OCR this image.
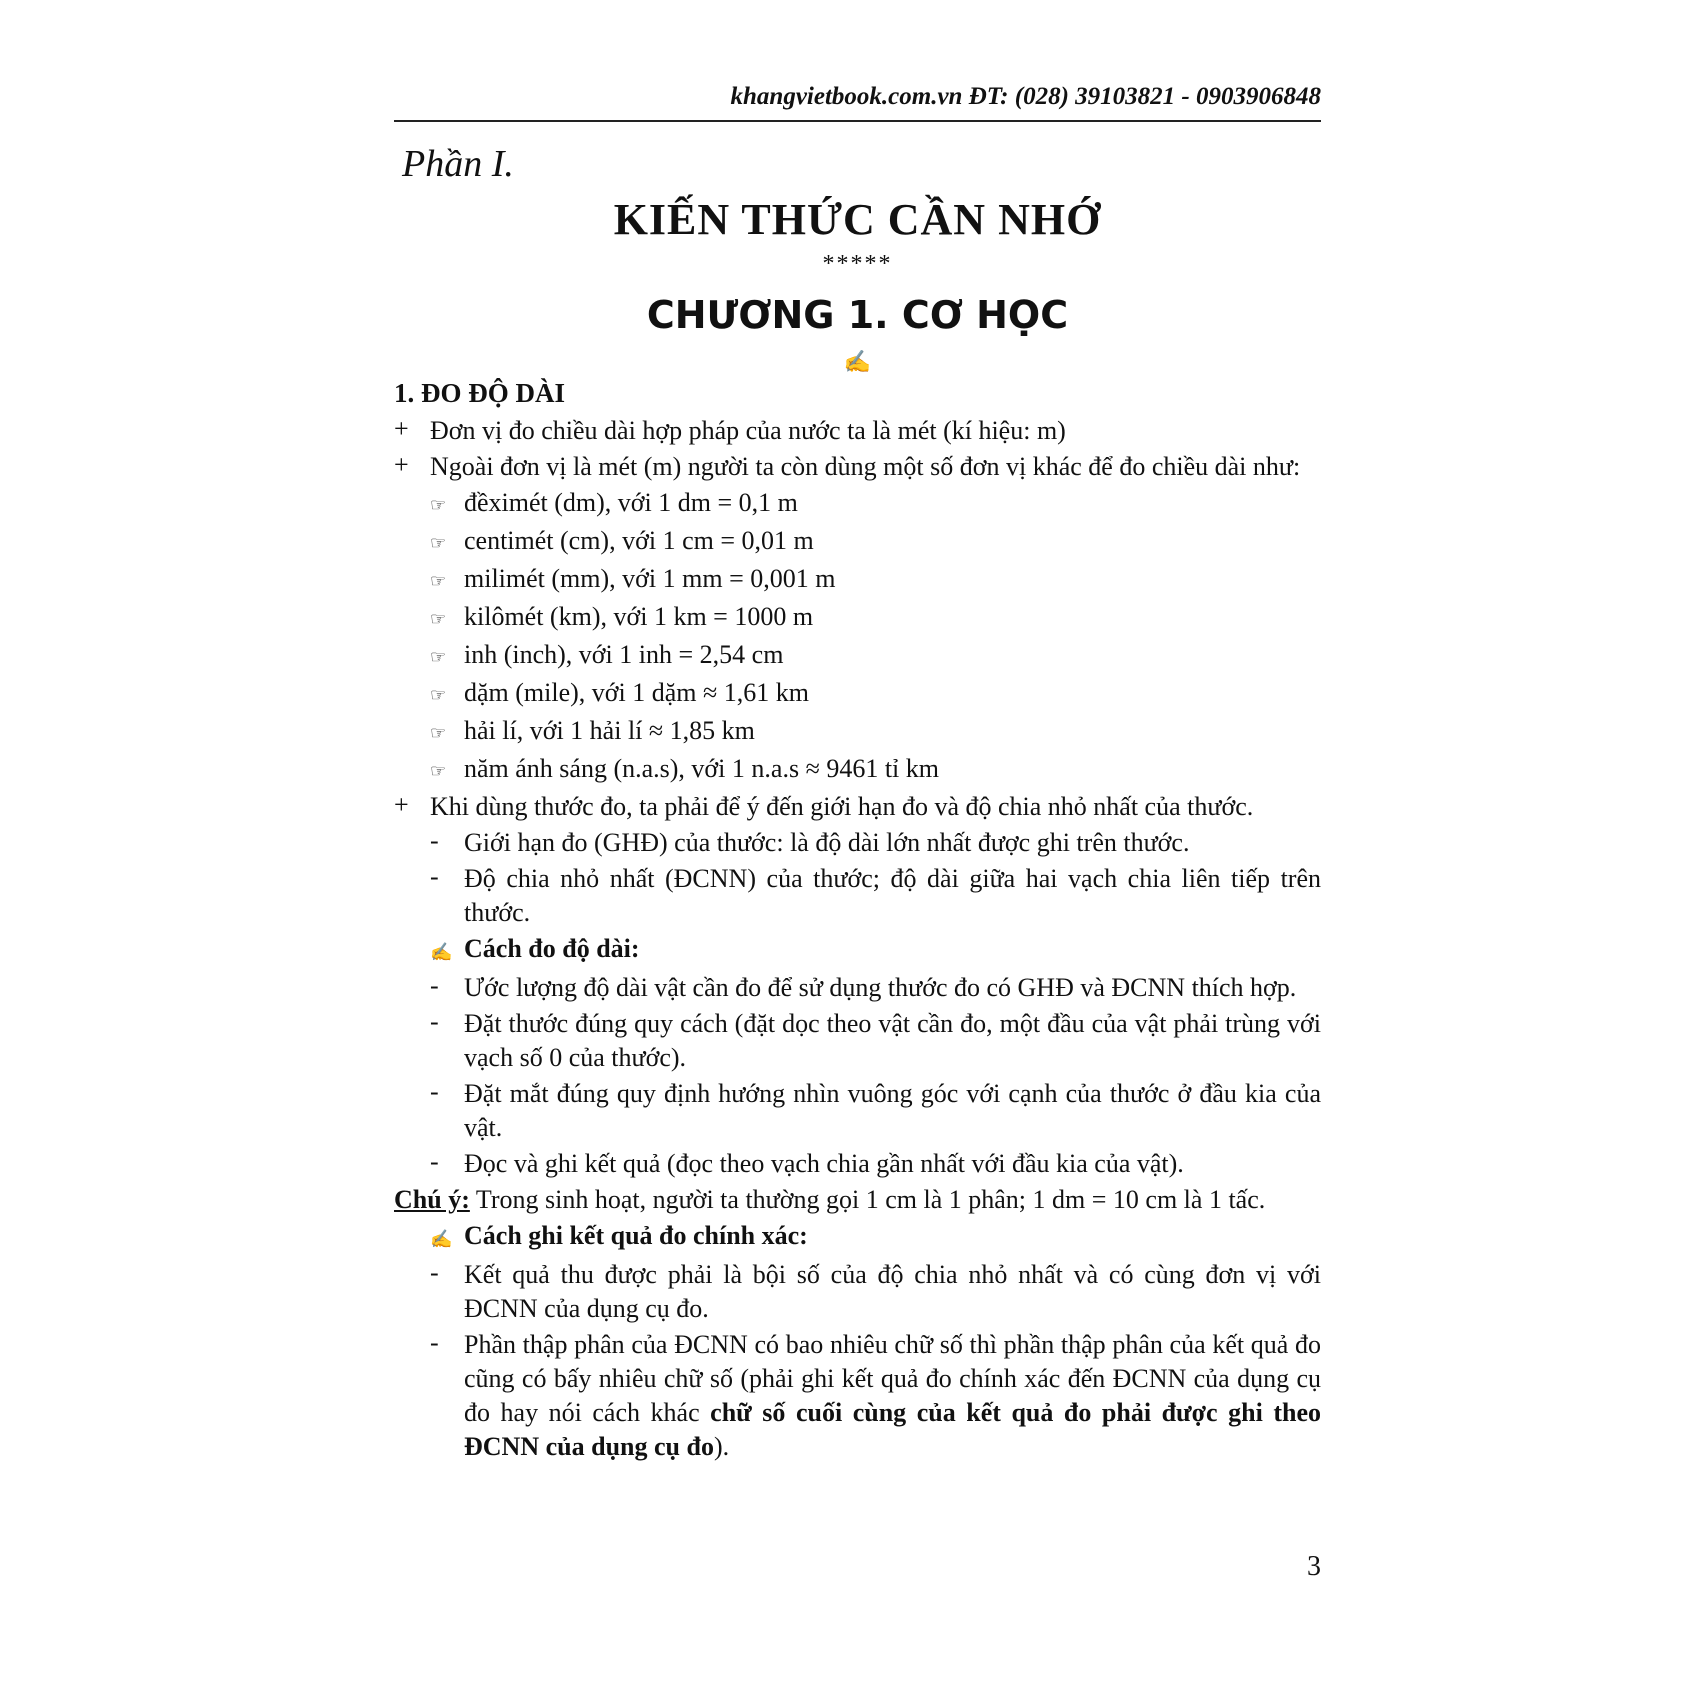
khangvietbook.com.vn ĐT: (028) 39103821 - 0903906848
Phần I.
KIẾN THỨC CẦN NHỚ
*****
CHƯƠNG 1. CƠ HỌC
✍
1. ĐO ĐỘ DÀI
+ Đơn vị đo chiều dài hợp pháp của nước ta là mét (kí hiệu: m)
+ Ngoài đơn vị là mét (m) người ta còn dùng một số đơn vị khác để đo chiều dài như:
☞ đềximét (dm), với 1 dm = 0,1 m
☞ centimét (cm), với 1 cm = 0,01 m
☞ milimét (mm), với 1 mm = 0,001 m
☞ kilômét (km), với 1 km = 1000 m
☞ inh (inch), với 1 inh = 2,54 cm
☞ dặm (mile), với 1 dặm ≈ 1,61 km
☞ hải lí, với 1 hải lí ≈ 1,85 km
☞ năm ánh sáng (n.a.s), với 1 n.a.s ≈ 9461 tỉ km
+ Khi dùng thước đo, ta phải để ý đến giới hạn đo và độ chia nhỏ nhất của thước.
- Giới hạn đo (GHĐ) của thước: là độ dài lớn nhất được ghi trên thước.
- Độ chia nhỏ nhất (ĐCNN) của thước; độ dài giữa hai vạch chia liên tiếp trên thước.
✍ Cách đo độ dài:
- Ước lượng độ dài vật cần đo để sử dụng thước đo có GHĐ và ĐCNN thích hợp.
- Đặt thước đúng quy cách (đặt dọc theo vật cần đo, một đầu của vật phải trùng với vạch số 0 của thước).
- Đặt mắt đúng quy định hướng nhìn vuông góc với cạnh của thước ở đầu kia của vật.
- Đọc và ghi kết quả (đọc theo vạch chia gần nhất với đầu kia của vật).
Chú ý: Trong sinh hoạt, người ta thường gọi 1 cm là 1 phân; 1 dm = 10 cm là 1 tấc.
✍ Cách ghi kết quả đo chính xác:
- Kết quả thu được phải là bội số của độ chia nhỏ nhất và có cùng đơn vị với ĐCNN của dụng cụ đo.
- Phần thập phân của ĐCNN có bao nhiêu chữ số thì phần thập phân của kết quả đo cũng có bấy nhiêu chữ số (phải ghi kết quả đo chính xác đến ĐCNN của dụng cụ đo hay nói cách khác chữ số cuối cùng của kết quả đo phải được ghi theo ĐCNN của dụng cụ đo).
3
